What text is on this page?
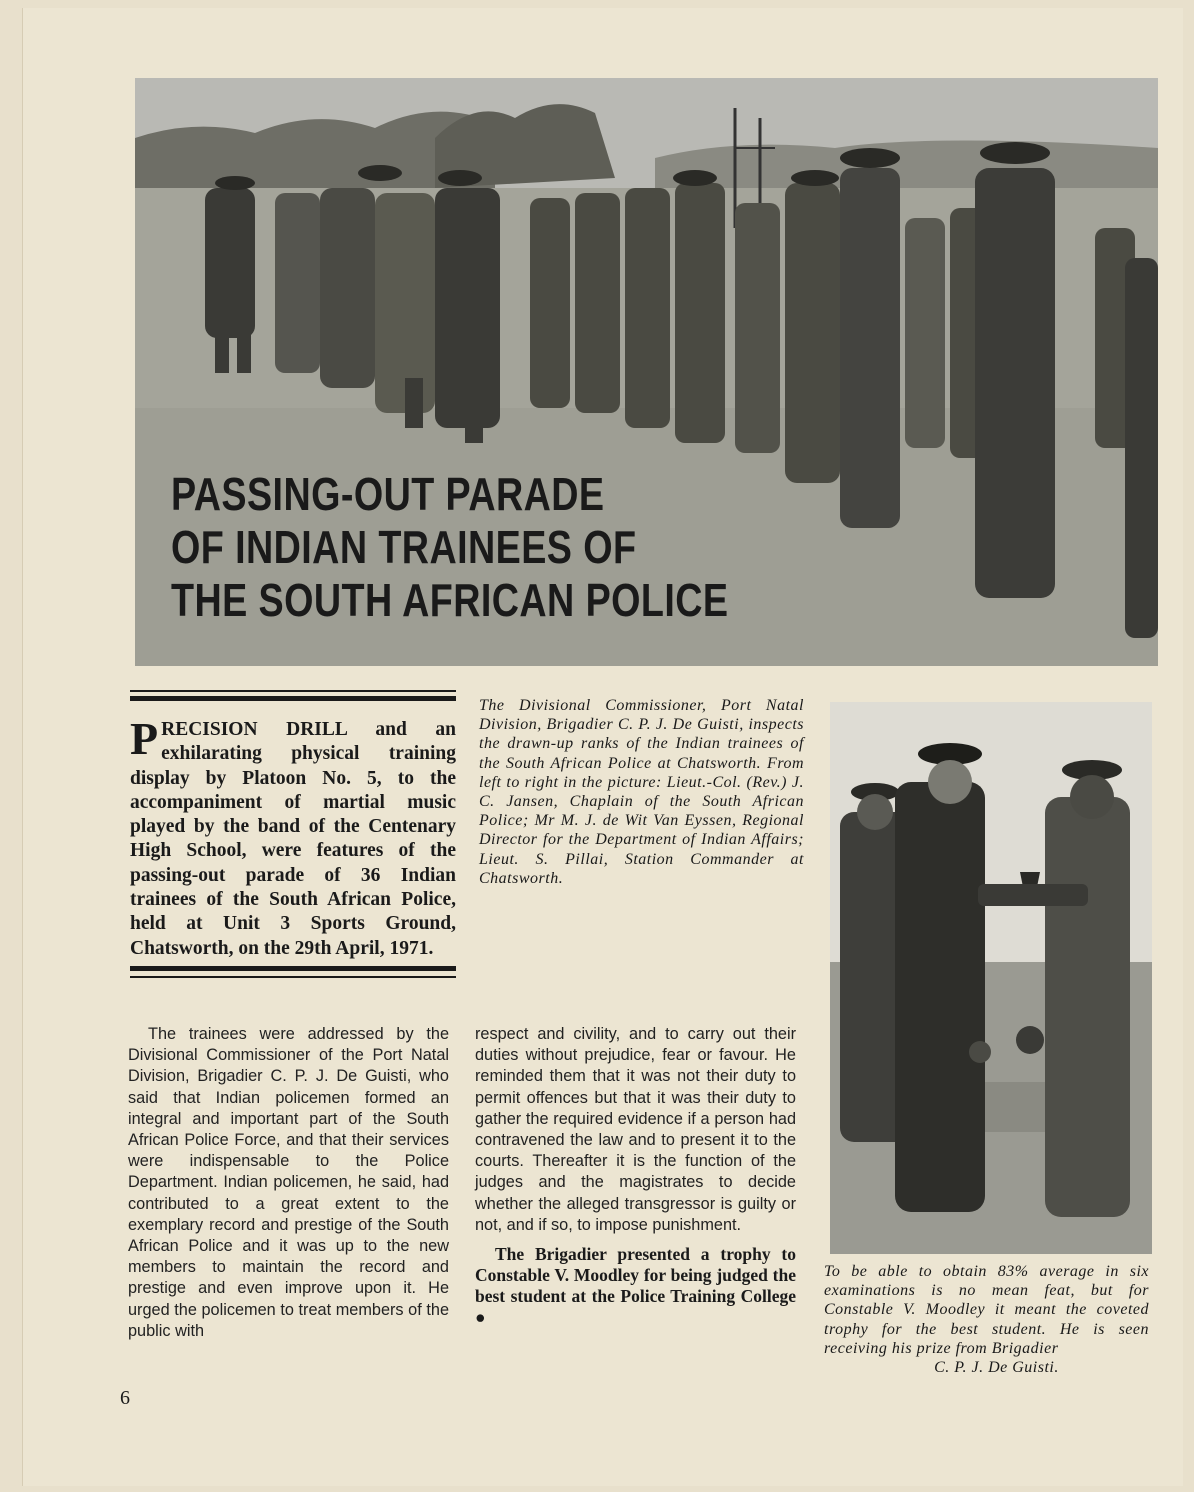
PASSING-OUT PARADE
OF INDIAN TRAINEES OF
THE SOUTH AFRICAN POLICE
PRECISION DRILL and an exhilarating physical training display by Platoon No. 5, to the accompaniment of martial music played by the band of the Centenary High School, were features of the passing-out parade of 36 Indian trainees of the South African Police, held at Unit 3 Sports Ground, Chatsworth, on the 29th April, 1971.
The Divisional Commissioner, Port Natal Division, Brigadier C. P. J. De Guisti, inspects the drawn-up ranks of the Indian trainees of the South African Police at Chatsworth. From left to right in the picture: Lieut.-Col. (Rev.) J. C. Jansen, Chaplain of the South African Police; Mr M. J. de Wit Van Eyssen, Regional Director for the Department of Indian Affairs; Lieut. S. Pillai, Station Commander at Chatsworth.
The trainees were addressed by the Divisional Commissioner of the Port Natal Division, Brigadier C. P. J. De Guisti, who said that Indian policemen formed an integral and important part of the South African Police Force, and that their services were indispensable to the Police Department. Indian policemen, he said, had contributed to a great extent to the exemplary record and prestige of the South African Police and it was up to the new members to maintain the record and prestige and even improve upon it. He urged the policemen to treat members of the public with
respect and civility, and to carry out their duties without prejudice, fear or favour. He reminded them that it was not their duty to permit offences but that it was their duty to gather the required evidence if a person had contravened the law and to present it to the courts. Thereafter it is the function of the judges and the magistrates to decide whether the alleged transgressor is guilty or not, and if so, to impose punishment.
The Brigadier presented a trophy to Constable V. Moodley for being judged the best student at the Police Training College ●
To be able to obtain 83% average in six examinations is no mean feat, but for Constable V. Moodley it meant the coveted trophy for the best student. He is seen receiving his prize from Brigadier
C. P. J. De Guisti.
6
